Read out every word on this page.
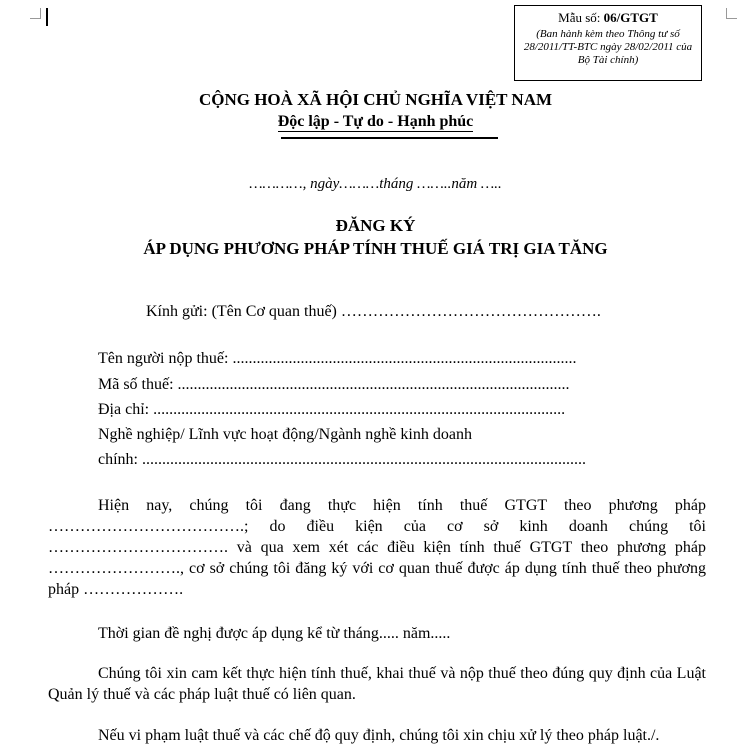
Mẫu số: 06/GTGT
(Ban hành kèm theo Thông tư số 28/2011/TT-BTC ngày 28/02/2011 của Bộ Tài chính)
CỘNG HOÀ XÃ HỘI CHỦ NGHĨA VIỆT NAM
Độc lập - Tự do - Hạnh phúc
…………, ngày………tháng ……..năm …..
ĐĂNG KÝ
ÁP DỤNG PHƯƠNG PHÁP TÍNH THUẾ GIÁ TRỊ GIA TĂNG
Kính gửi: (Tên Cơ quan thuế) ………………………………………….
Tên người nộp thuế: ......................................................................................
Mã số thuế: ..................................................................................................
Địa chỉ: .......................................................................................................
Nghề nghiệp/ Lĩnh vực hoạt động/Ngành nghề kinh doanh
chính: ...............................................................................................................
Hiện nay, chúng tôi đang thực hiện tính thuế GTGT theo phương pháp ……………………………….; do điều kiện của cơ sở kinh doanh chúng tôi ……………………………. và qua xem xét các điều kiện tính thuế GTGT theo phương pháp ……………………., cơ sở chúng tôi đăng ký với cơ quan thuế được áp dụng tính thuế theo phương pháp ……………….
Thời gian đề nghị được áp dụng kể từ tháng..... năm.....
Chúng tôi xin cam kết thực hiện tính thuế, khai thuế và nộp thuế theo đúng quy định của Luật Quản lý thuế và các pháp luật thuế có liên quan.
Nếu vi phạm luật thuế và các chế độ quy định, chúng tôi xin chịu xử lý theo pháp luật./.
